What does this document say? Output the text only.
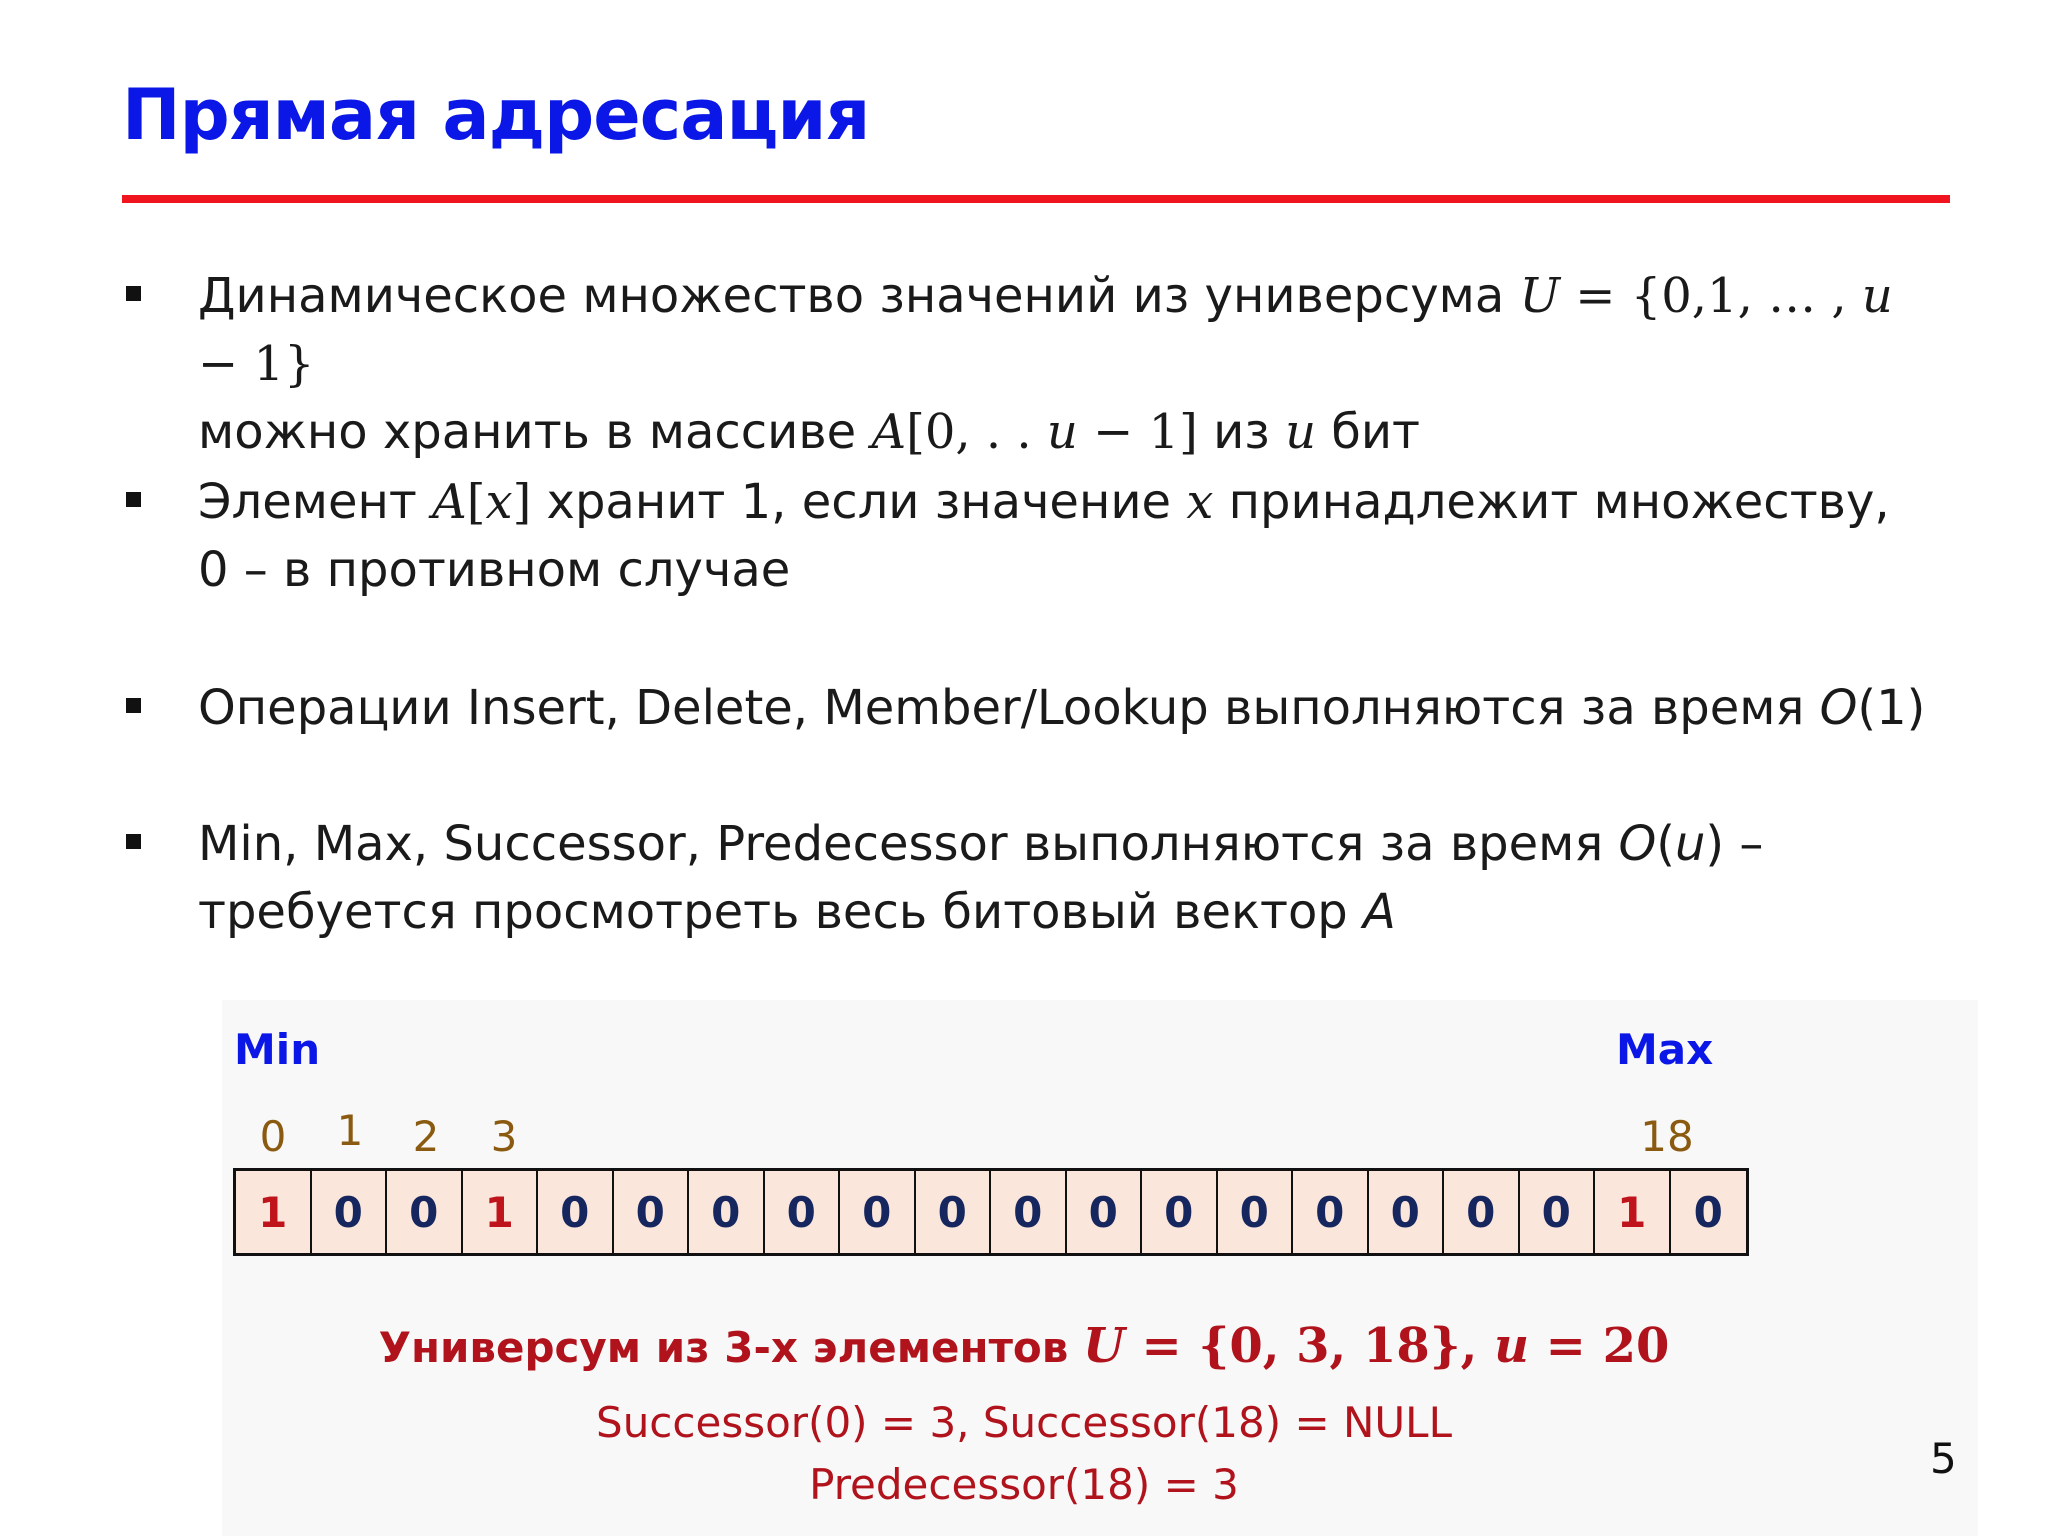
Прямая адресация
Динамическое множество значений из универсума U = {0,1, … , u − 1}
можно хранить в массиве A[0, . . u − 1] из u бит
Элемент A[x] хранит 1, если значение x принадлежит множеству,
0 – в противном случае
Операции Insert, Delete, Member/Lookup выполняются за время O(1)
Min, Max, Successor, Predecessor выполняются за время O(u) –
требуется просмотреть весь битовый вектор A
Min	Max
0	1	2	3	18
1	0	0	1	0	0	0	0	0	0	0	0	0	0	0	0	0	0	1	0
Универсум из 3-х элементов U = {0, 3, 18}, u = 20
Successor(0) = 3, Successor(18) = NULL
Predecessor(18) = 3
5
